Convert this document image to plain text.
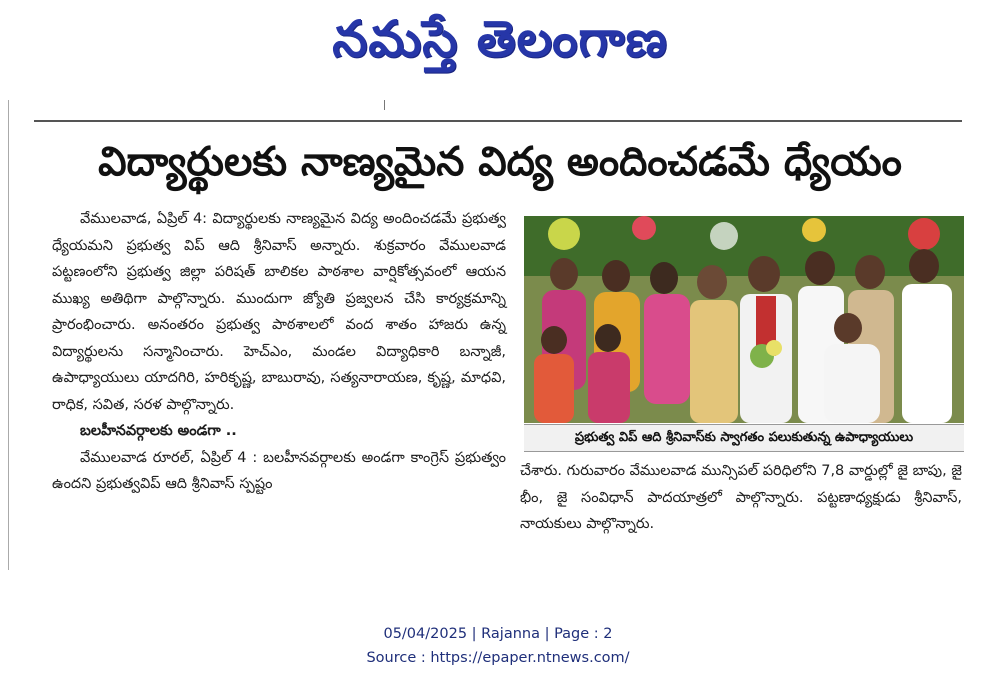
నమస్తే తెలంగాణ
విద్యార్థులకు నాణ్యమైన విద్య అందించడమే ధ్యేయం

వేములవాడ, ఏప్రిల్ 4: విద్యార్థులకు నాణ్యమైన విద్య అందించడమే ప్రభుత్వ ధ్యేయమని ప్రభుత్వ విప్ ఆది శ్రీనివాస్ అన్నారు. శుక్రవారం వేములవాడ పట్టణంలోని ప్రభుత్వ జిల్లా పరిషత్ బాలికల పాఠశాల వార్షికోత్సవంలో ఆయన ముఖ్య అతిథిగా పాల్గొన్నారు. ముందుగా జ్యోతి ప్రజ్వలన చేసి కార్యక్రమాన్ని ప్రారంభించారు. అనంతరం ప్రభుత్వ పాఠశాలలో వంద శాతం హాజరు ఉన్న విద్యార్థులను సన్మానించారు. హెచ్ఎం, మండల విద్యాధికారి బన్నాజీ, ఉపాధ్యాయులు యాదగిరి, హరికృష్ణ, బాబురావు, సత్యనారాయణ, కృష్ణ, మాధవి, రాధిక, సవిత, సరళ పాల్గొన్నారు.

బలహీనవర్గాలకు అండగా ..

వేములవాడ రూరల్, ఏప్రిల్ 4 : బలహీనవర్గాలకు అండగా కాంగ్రెస్ ప్రభుత్వం ఉందని ప్రభుత్వవిప్ ఆది శ్రీనివాస్ స్పష్టం

ప్రభుత్వ విప్ ఆది శ్రీనివాస్‌కు స్వాగతం పలుకుతున్న ఉపాధ్యాయులు

చేశారు. గురువారం వేములవాడ మున్సిపల్ పరిధిలోని 7,8 వార్డుల్లో జై బాపు, జై భీం, జై సంవిధాన్ పాదయాత్రలో పాల్గొన్నారు. పట్టణాధ్యక్షుడు శ్రీనివాస్, నాయకులు పాల్గొన్నారు.

05/04/2025 | Rajanna | Page : 2
Source : https://epaper.ntnews.com/
